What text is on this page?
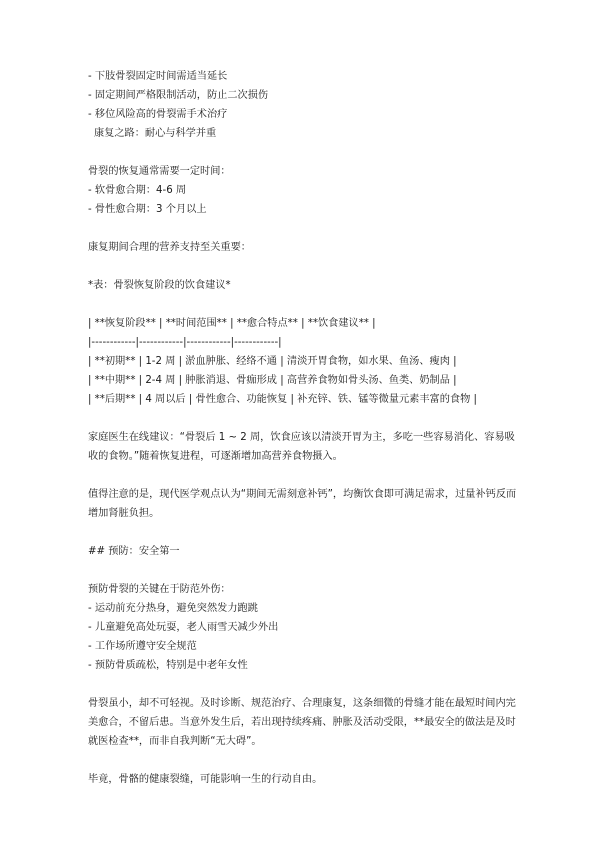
- 下肢骨裂固定时间需适当延长
- 固定期间严格限制活动，防止二次损伤
- 移位风险高的骨裂需手术治疗
康复之路：耐心与科学并重
骨裂的恢复通常需要一定时间：
- 软骨愈合期：4-6 周
- 骨性愈合期：3 个月以上
康复期间合理的营养支持至关重要：
*表：骨裂恢复阶段的饮食建议*
| **恢复阶段** | **时间范围** | **愈合特点** | **饮食建议** |
|------------|------------|------------|------------|
| **初期** | 1-2 周 | 淤血肿胀、经络不通 | 清淡开胃食物，如水果、鱼汤、瘦肉 |
| **中期** | 2-4 周 | 肿胀消退、骨痂形成 | 高营养食物如骨头汤、鱼类、奶制品 |
| **后期** | 4 周以后 | 骨性愈合、功能恢复 | 补充锌、铁、锰等微量元素丰富的食物 |
家庭医生在线建议：“骨裂后 1 ~ 2 周，饮食应该以清淡开胃为主，多吃一些容易消化、容易吸收的食物。”随着恢复进程，可逐渐增加高营养食物摄入。
值得注意的是，现代医学观点认为“期间无需刻意补钙”，均衡饮食即可满足需求，过量补钙反而增加肾脏负担。
## 预防：安全第一
预防骨裂的关键在于防范外伤：
- 运动前充分热身，避免突然发力跑跳
- 儿童避免高处玩耍，老人雨雪天减少外出
- 工作场所遵守安全规范
- 预防骨质疏松，特别是中老年女性
骨裂虽小，却不可轻视。及时诊断、规范治疗、合理康复，这条细微的骨缝才能在最短时间内完美愈合，不留后患。当意外发生后，若出现持续疼痛、肿胀及活动受限，**最安全的做法是及时就医检查**，而非自我判断“无大碍”。
毕竟，骨骼的健康裂缝，可能影响一生的行动自由。
